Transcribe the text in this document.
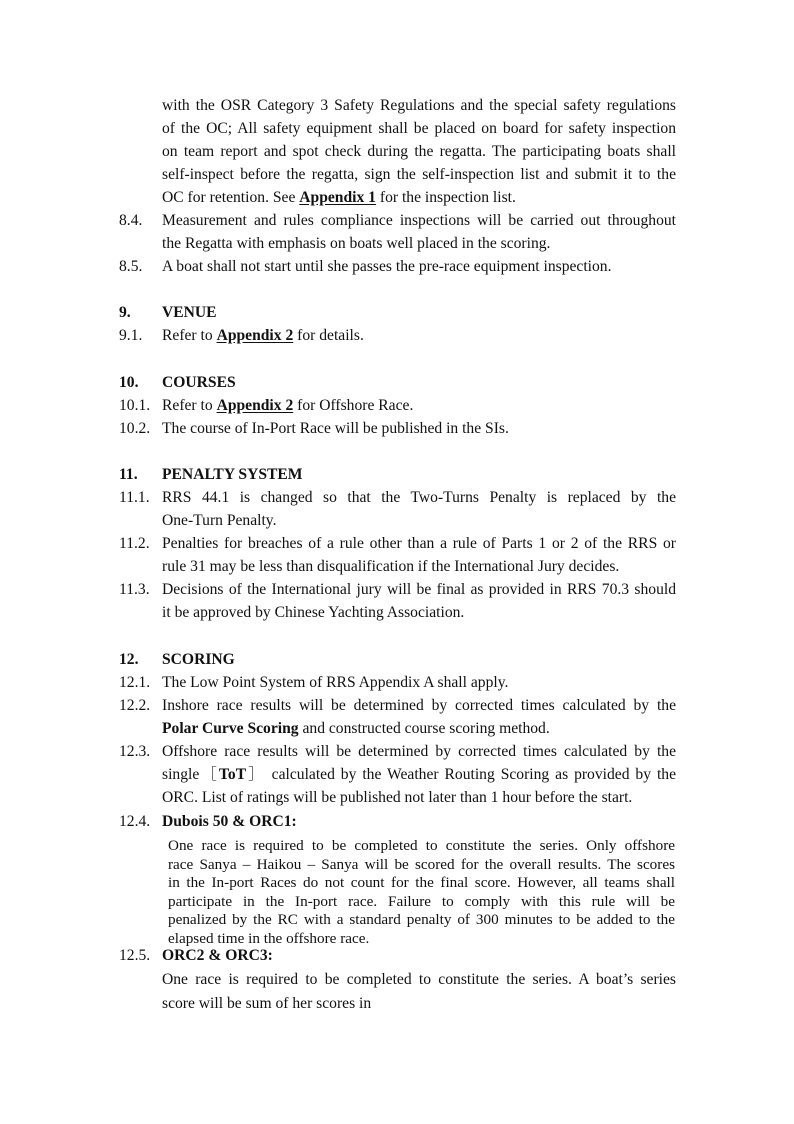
with the OSR Category 3 Safety Regulations and the special safety regulations
of the OC; All safety equipment shall be placed on board for safety inspection
on team report and spot check during the regatta. The participating boats shall
self-inspect before the regatta, sign the self-inspection list and submit it to the
OC for retention. See Appendix 1 for the inspection list.
8.4. Measurement and rules compliance inspections will be carried out throughout
the Regatta with emphasis on boats well placed in the scoring.
8.5. A boat shall not start until she passes the pre-race equipment inspection.
9. VENUE
9.1. Refer to Appendix 2 for details.
10. COURSES
10.1. Refer to Appendix 2 for Offshore Race.
10.2. The course of In-Port Race will be published in the SIs.
11. PENALTY SYSTEM
11.1. RRS 44.1 is changed so that the Two-Turns Penalty is replaced by the
One-Turn Penalty.
11.2. Penalties for breaches of a rule other than a rule of Parts 1 or 2 of the RRS or
rule 31 may be less than disqualification if the International Jury decides.
11.3. Decisions of the International jury will be final as provided in RRS 70.3 should
it be approved by Chinese Yachting Association.
12. SCORING
12.1. The Low Point System of RRS Appendix A shall apply.
12.2. Inshore race results will be determined by corrected times calculated by the
Polar Curve Scoring and constructed course scoring method.
12.3. Offshore race results will be determined by corrected times calculated by the
single［ToT］ calculated by the Weather Routing Scoring as provided by the
ORC. List of ratings will be published not later than 1 hour before the start.
12.4. Dubois 50 & ORC1:
One race is required to be completed to constitute the series. Only offshore
race Sanya – Haikou – Sanya will be scored for the overall results. The scores
in the In-port Races do not count for the final score. However, all teams shall
participate in the In-port race. Failure to comply with this rule will be
penalized by the RC with a standard penalty of 300 minutes to be added to the
elapsed time in the offshore race.
12.5. ORC2 & ORC3:
One race is required to be completed to constitute the series. A boat’s series
score will be sum of her scores in
